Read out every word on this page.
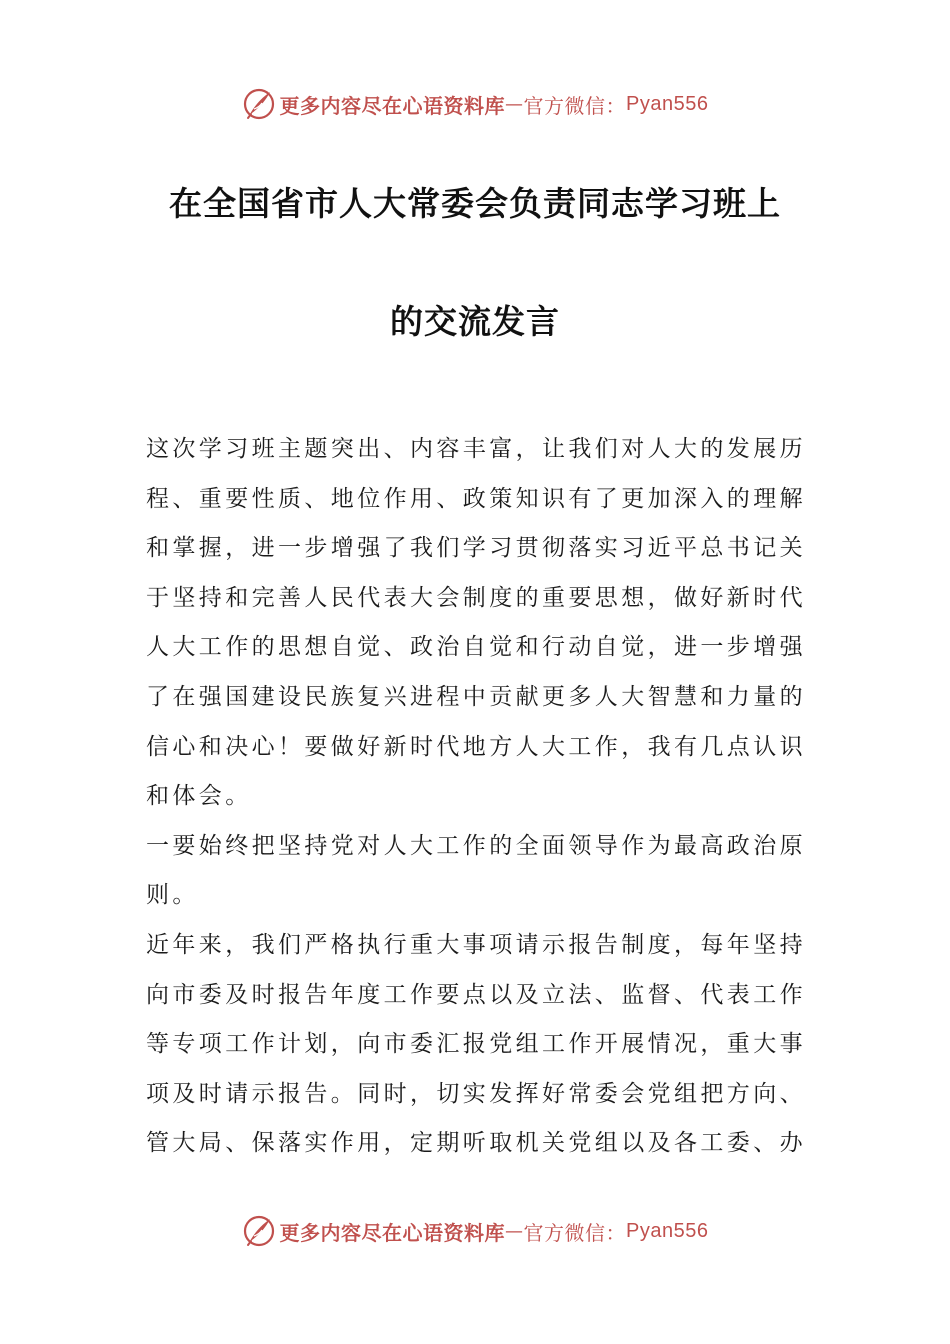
更多内容尽在心语资料库 — 官方微信： Pyan556
在全国省市人大常委会负责同志学习班上
的交流发言

这次学习班主题突出、内容丰富，让我们对人大的发展历程、重要性质、地位作用、政策知识有了更加深入的理解和掌握，进一步增强了我们学习贯彻落实习近平总书记关于坚持和完善人民代表大会制度的重要思想，做好新时代人大工作的思想自觉、政治自觉和行动自觉，进一步增强了在强国建设民族复兴进程中贡献更多人大智慧和力量的信心和决心！要做好新时代地方人大工作，我有几点认识和体会。

一要始终把坚持党对人大工作的全面领导作为最高政治原则。

近年来，我们严格执行重大事项请示报告制度，每年坚持向市委及时报告年度工作要点以及立法、监督、代表工作等专项工作计划，向市委汇报党组工作开展情况，重大事项及时请示报告。同时，切实发挥好常委会党组把方向、管大局、保落实作用，定期听取机关党组以及各工委、办

更多内容尽在心语资料库 — 官方微信： Pyan556
